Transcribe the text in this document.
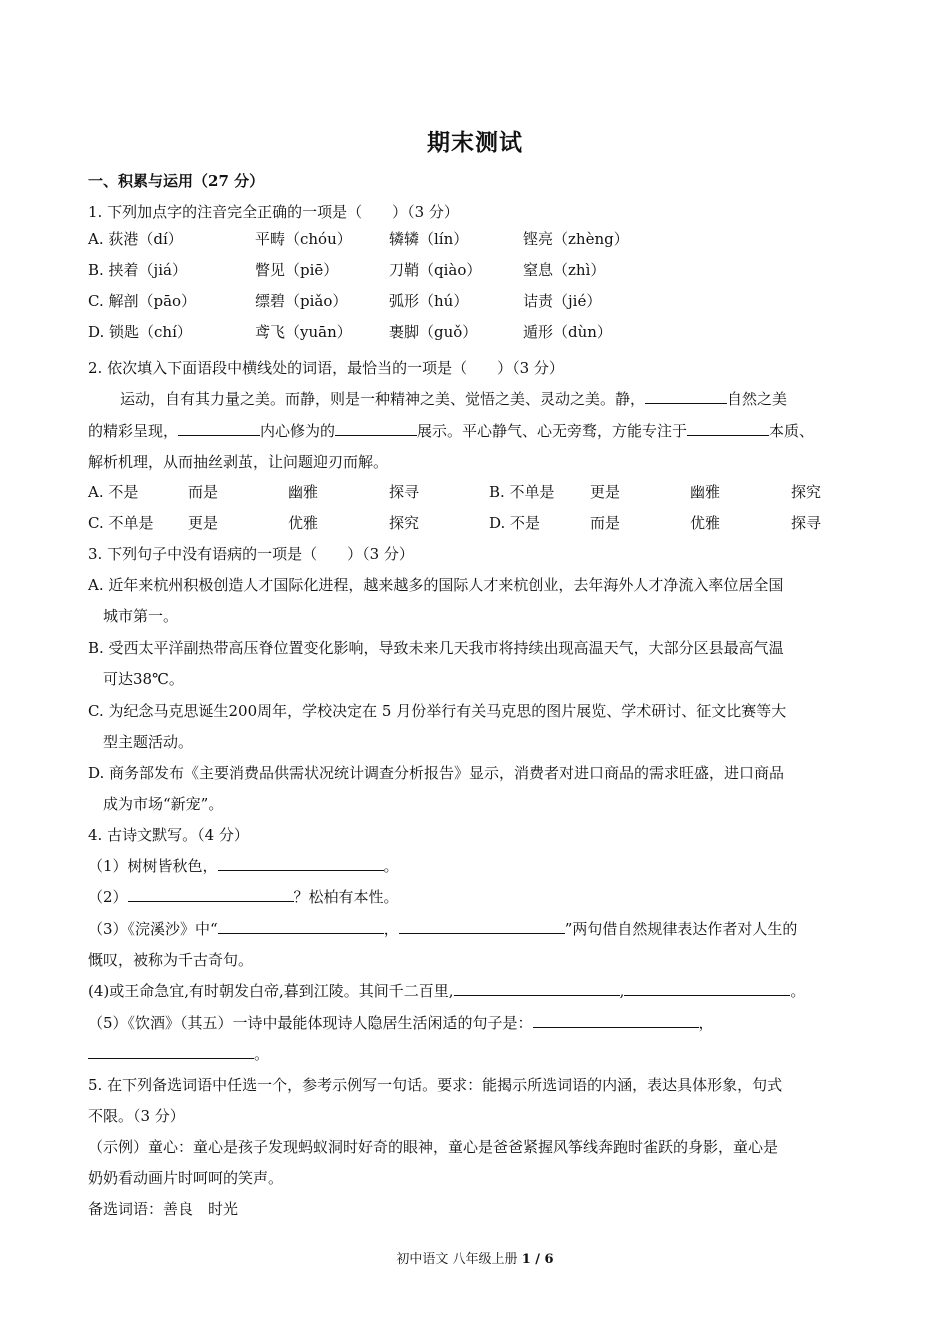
期末测试
一、积累与运用（27 分）
1. 下列加点字的注音完全正确的一项是（　　）（3 分）
A. 荻港（dí）	平畴（chóu） 辚辚（lín）	铿亮（zhèng）
B. 挟着（jiá）	瞥见（piē）	刀鞘（qiào）	窒息（zhì）
C. 解剖（pāo）	缥碧（piǎo）	弧形（hú）	诘责（jié）
D. 锁匙（chí）	鸢飞（yuān） 裹脚（guǒ）	遁形（dùn）
2. 依次填入下面语段中横线处的词语，最恰当的一项是（　　）（3 分）
运动，自有其力量之美。而静，则是一种精神之美、觉悟之美、灵动之美。静，	自然之美
的精彩呈现，	内心修为的	展示。平心静气、心无旁骛，方能专注于	本质、
解析机理，从而抽丝剥茧，让问题迎刃而解。
A. 不是	而是	幽雅	探寻	B. 不单是 更是	幽雅	探究
C. 不单是 更是	优雅	探究	D. 不是	而是	优雅	探寻
3. 下列句子中没有语病的一项是（　　）（3 分）
A. 近年来杭州积极创造人才国际化进程，越来越多的国际人才来杭创业，去年海外人才净流入率位居全国
城市第一。
B. 受西太平洋副热带高压脊位置变化影响，导致未来几天我市将持续出现高温天气，大部分区县最高气温
可达38℃。
C. 为纪念马克思诞生200周年，学校决定在 5 月份举行有关马克思的图片展览、学术研讨、征文比赛等大
型主题活动。
D. 商务部发布《主要消费品供需状况统计调查分析报告》显示，消费者对进口商品的需求旺盛，进口商品
成为市场“新宠”。
4. 古诗文默写。（4 分）
（1）树树皆秋色，	。
（2）	？松柏有本性。
（3）《浣溪沙》中“	，	”两句借自然规律表达作者对人生的
慨叹，被称为千古奇句。
(4)或王命急宜,有时朝发白帝,暮到江陵。其间千二百里,	,	。
（5）《饮酒》（其五）一诗中最能体现诗人隐居生活闲适的句子是：	，
。
5. 在下列备选词语中任选一个，参考示例写一句话。要求：能揭示所选词语的内涵，表达具体形象，句式
不限。（3 分）
（示例）童心：童心是孩子发现蚂蚁洞时好奇的眼神，童心是爸爸紧握风筝线奔跑时雀跃的身影，童心是
奶奶看动画片时呵呵的笑声。
备选词语：善良　时光
初中语文 八年级上册 1 / 6
